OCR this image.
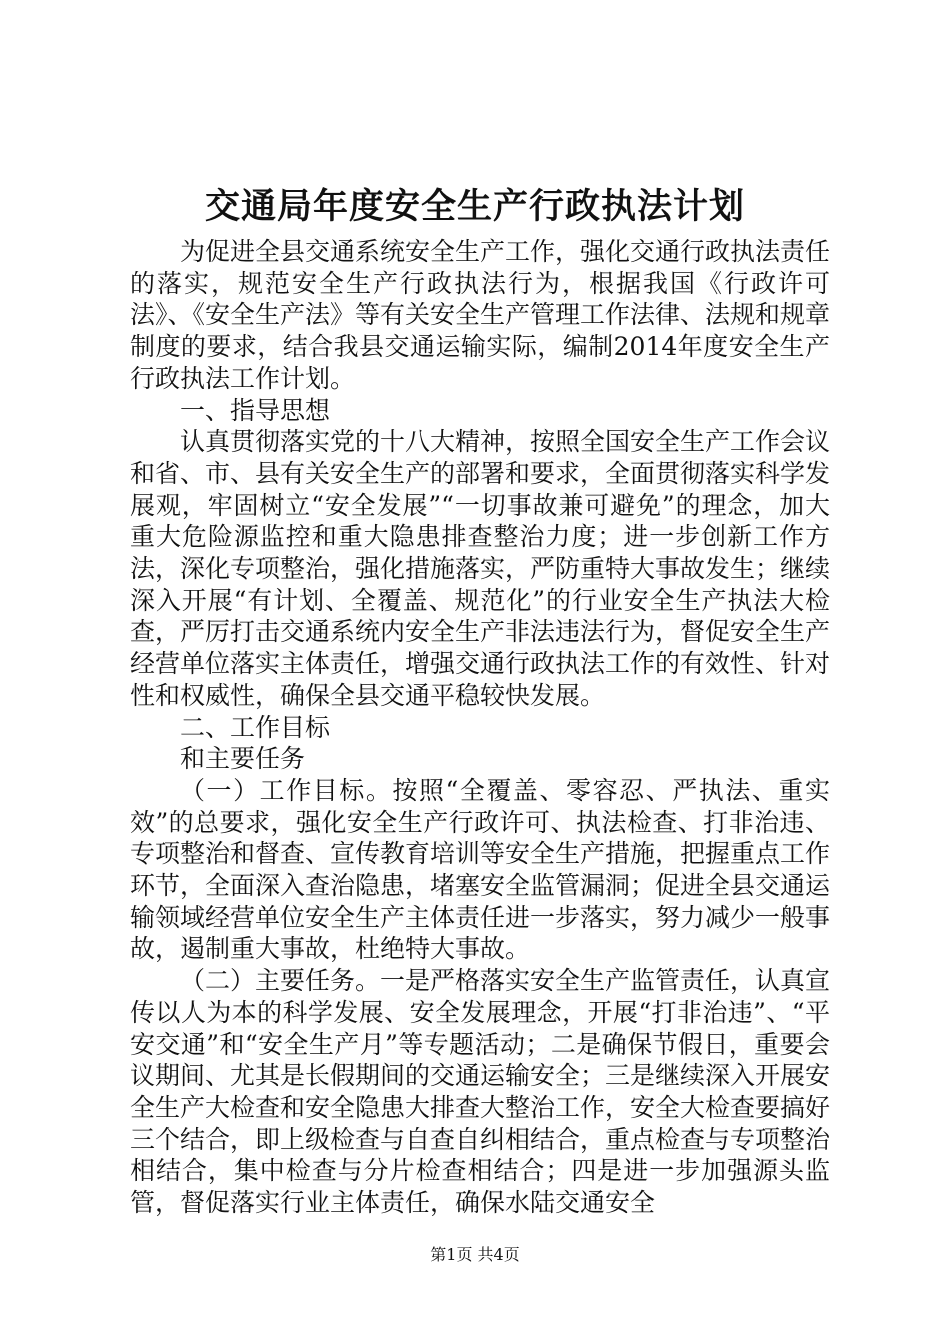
交通局年度安全生产行政执法计划

为促进全县交通系统安全生产工作，强化交通行政执法责任的落实，规范安全生产行政执法行为，根据我国《行政许可法》、《安全生产法》等有关安全生产管理工作法律、法规和规章制度的要求，结合我县交通运输实际，编制2014年度安全生产行政执法工作计划。

一、指导思想

认真贯彻落实党的十八大精神，按照全国安全生产工作会议和省、市、县有关安全生产的部署和要求，全面贯彻落实科学发展观，牢固树立“安全发展”“一切事故兼可避免”的理念，加大重大危险源监控和重大隐患排查整治力度；进一步创新工作方法，深化专项整治，强化措施落实，严防重特大事故发生；继续深入开展“有计划、全覆盖、规范化”的行业安全生产执法大检查，严厉打击交通系统内安全生产非法违法行为，督促安全生产经营单位落实主体责任，增强交通行政执法工作的有效性、针对性和权威性，确保全县交通平稳较快发展。

二、工作目标

和主要任务

（一）工作目标。按照“全覆盖、零容忍、严执法、重实效”的总要求，强化安全生产行政许可、执法检查、打非治违、专项整治和督查、宣传教育培训等安全生产措施，把握重点工作环节，全面深入查治隐患，堵塞安全监管漏洞；促进全县交通运输领域经营单位安全生产主体责任进一步落实，努力减少一般事故，遏制重大事故，杜绝特大事故。

（二）主要任务。一是严格落实安全生产监管责任，认真宣传以人为本的科学发展、安全发展理念，开展“打非治违”、“平安交通”和“安全生产月”等专题活动；二是确保节假日，重要会议期间、尤其是长假期间的交通运输安全；三是继续深入开展安全生产大检查和安全隐患大排查大整治工作，安全大检查要搞好三个结合，即上级检查与自查自纠相结合，重点检查与专项整治相结合，集中检查与分片检查相结合；四是进一步加强源头监管，督促落实行业主体责任，确保水陆交通安全

第1页 共4页
